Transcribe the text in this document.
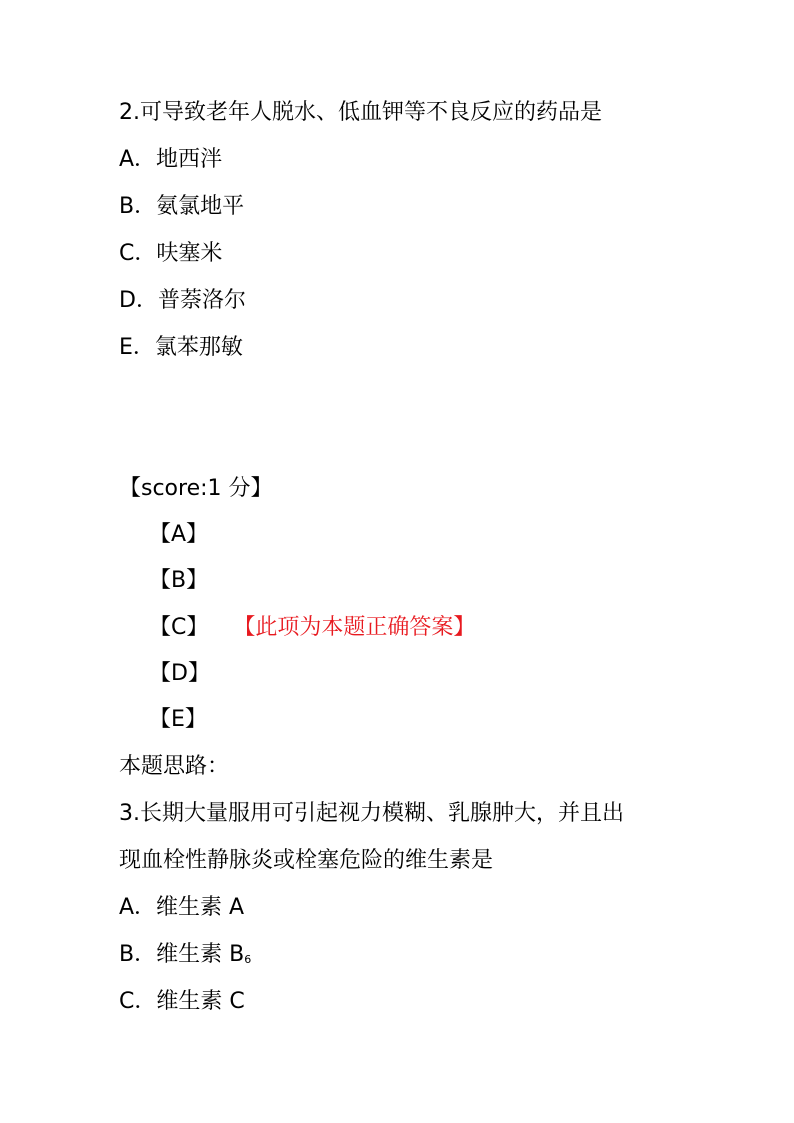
2.可导致老年人脱水、低血钾等不良反应的药品是
A．地西泮
B．氨氯地平
C．呋塞米
D．普萘洛尔
E．氯苯那敏
【score:1 分】
【A】
【B】
【C】 【此项为本题正确答案】
【D】
【E】
本题思路：
3.长期大量服用可引起视力模糊、乳腺肿大，并且出
现血栓性静脉炎或栓塞危险的维生素是
A．维生素 A
B．维生素 $B_6$
C．维生素 C
